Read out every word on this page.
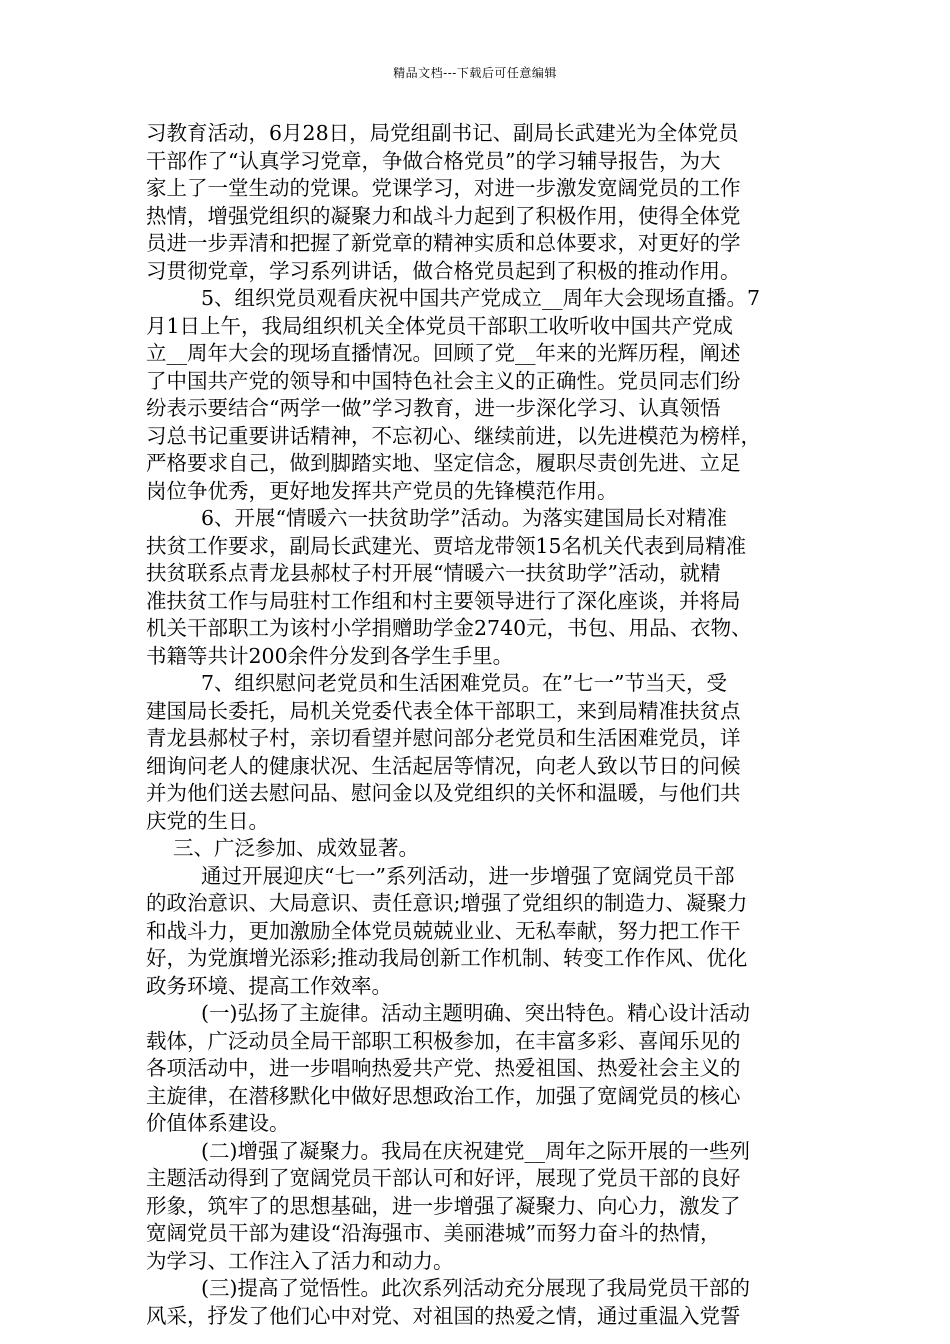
精品文档---下载后可任意编辑
习教育活动，6月28日，局党组副书记、副局长武建光为全体党员
干部作了“认真学习党章，争做合格党员”的学习辅导报告，为大
家上了一堂生动的党课。党课学习，对进一步激发宽阔党员的工作
热情，增强党组织的凝聚力和战斗力起到了积极作用，使得全体党
员进一步弄清和把握了新党章的精神实质和总体要求，对更好的学
习贯彻党章，学习系列讲话，做合格党员起到了积极的推动作用。
5、组织党员观看庆祝中国共产党成立__周年大会现场直播。7
月1日上午，我局组织机关全体党员干部职工收听收中国共产党成
立__周年大会的现场直播情况。回顾了党__年来的光辉历程，阐述
了中国共产党的领导和中国特色社会主义的正确性。党员同志们纷
纷表示要结合“两学一做”学习教育，进一步深化学习、认真领悟
习总书记重要讲话精神，不忘初心、继续前进，以先进模范为榜样，
严格要求自己，做到脚踏实地、坚定信念，履职尽责创先进、立足
岗位争优秀，更好地发挥共产党员的先锋模范作用。
6、开展“情暖六一扶贫助学”活动。为落实建国局长对精准
扶贫工作要求，副局长武建光、贾培龙带领15名机关代表到局精准
扶贫联系点青龙县郝杖子村开展“情暖六一扶贫助学”活动，就精
准扶贫工作与局驻村工作组和村主要领导进行了深化座谈，并将局
机关干部职工为该村小学捐赠助学金2740元，书包、用品、衣物、
书籍等共计200余件分发到各学生手里。
7、组织慰问老党员和生活困难党员。在”七一”节当天，受
建国局长委托，局机关党委代表全体干部职工，来到局精准扶贫点
青龙县郝杖子村，亲切看望并慰问部分老党员和生活困难党员，详
细询问老人的健康状况、生活起居等情况，向老人致以节日的问候
并为他们送去慰问品、慰问金以及党组织的关怀和温暖，与他们共
庆党的生日。
三、广泛参加、成效显著。
通过开展迎庆“七一”系列活动，进一步增强了宽阔党员干部
的政治意识、大局意识、责任意识;增强了党组织的制造力、凝聚力
和战斗力，更加激励全体党员兢兢业业、无私奉献，努力把工作干
好，为党旗增光添彩;推动我局创新工作机制、转变工作作风、优化
政务环境、提高工作效率。
(一)弘扬了主旋律。活动主题明确、突出特色。精心设计活动
载体，广泛动员全局干部职工积极参加，在丰富多彩、喜闻乐见的
各项活动中，进一步唱响热爱共产党、热爱祖国、热爱社会主义的
主旋律，在潜移默化中做好思想政治工作，加强了宽阔党员的核心
价值体系建设。
(二)增强了凝聚力。我局在庆祝建党__周年之际开展的一些列
主题活动得到了宽阔党员干部认可和好评，展现了党员干部的良好
形象，筑牢了的思想基础，进一步增强了凝聚力、向心力，激发了
宽阔党员干部为建设“沿海强市、美丽港城”而努力奋斗的热情，
为学习、工作注入了活力和动力。
(三)提高了觉悟性。此次系列活动充分展现了我局党员干部的
风采，抒发了他们心中对党、对祖国的热爱之情，通过重温入党誓
